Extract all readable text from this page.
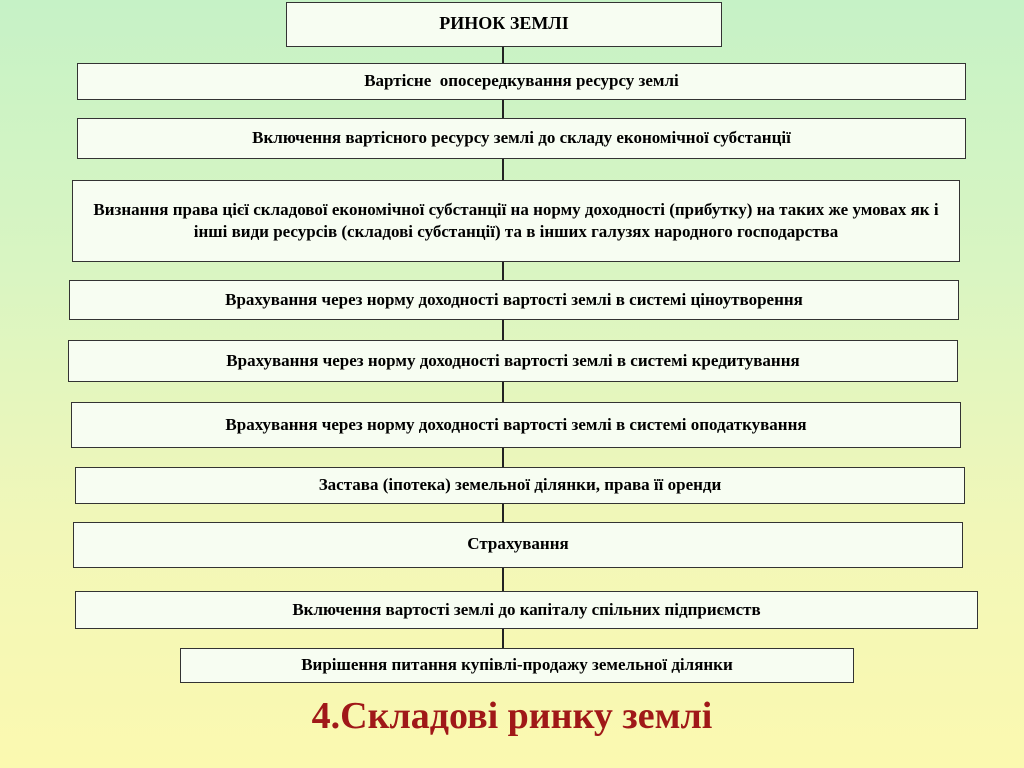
РИНОК ЗЕМЛІ
Вартісне  опосередкування ресурсу землі
Включення вартісного ресурсу землі до складу економічної субстанції
Визнання права цієї складової економічної субстанції на норму доходності (прибутку) на таких же умовах як і інші види ресурсів (складові субстанції) та в інших галузях народного господарства
Врахування через норму доходності вартості землі в системі ціноутворення
Врахування через норму доходності вартості землі в системі кредитування
Врахування через норму доходності вартості землі в системі оподаткування
Застава (іпотека) земельної ділянки, права її оренди
Страхування
Включення вартості землі до капіталу спільних підприємств
Вирішення питання купівлі-продажу земельної ділянки
4.Складові ринку землі
